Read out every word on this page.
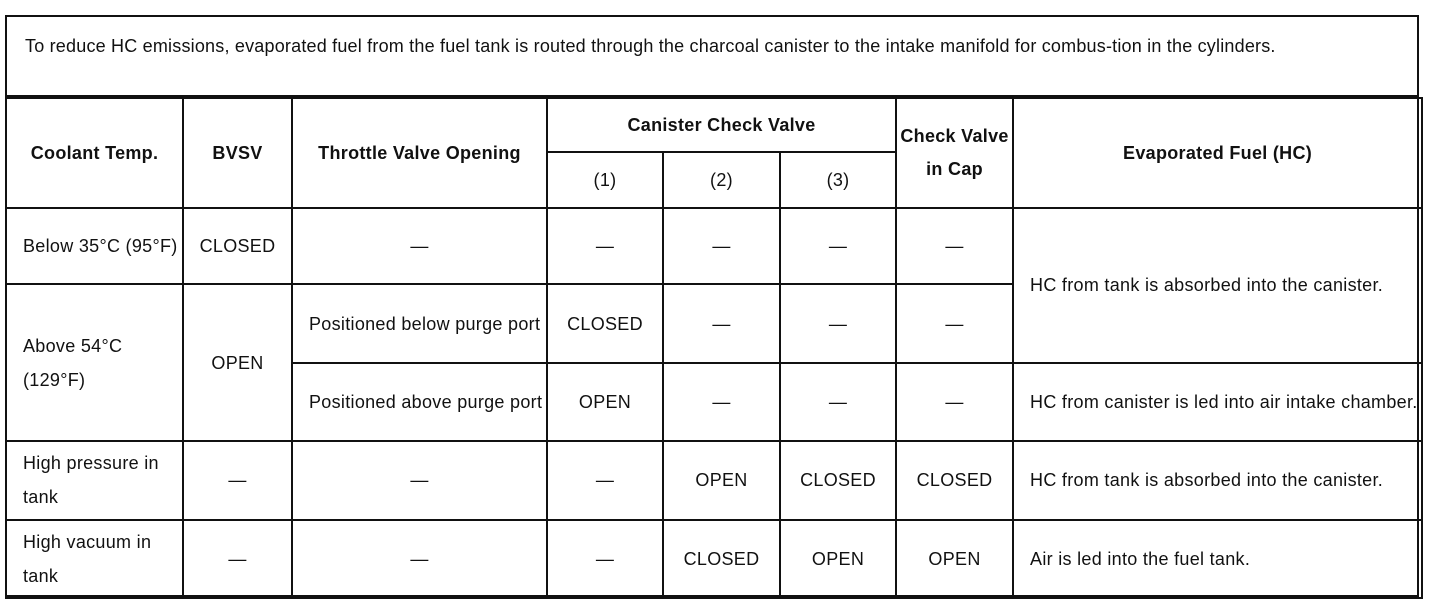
To reduce HC emissions, evaporated fuel from the fuel tank is routed through the charcoal canister to the intake manifold for combus-tion in the cylinders.
Coolant Temp.	BVSV	Throttle Valve Opening	Canister Check Valve			Check Valve in Cap	Evaporated Fuel (HC)
			(1)	(2)	(3)		
Below 35°C (95°F)	CLOSED	—	—	—	—	—	HC from tank is absorbed into the canister.
Above 54°C (129°F)	OPEN	Positioned below purge port	CLOSED	—	—	—	
		Positioned above purge port	OPEN	—	—	—	HC from canister is led into air intake chamber.
High pressure in tank	—	—	—	OPEN	CLOSED	CLOSED	HC from tank is absorbed into the canister.
High vacuum in tank	—	—	—	CLOSED	OPEN	OPEN	Air is led into the fuel tank.
